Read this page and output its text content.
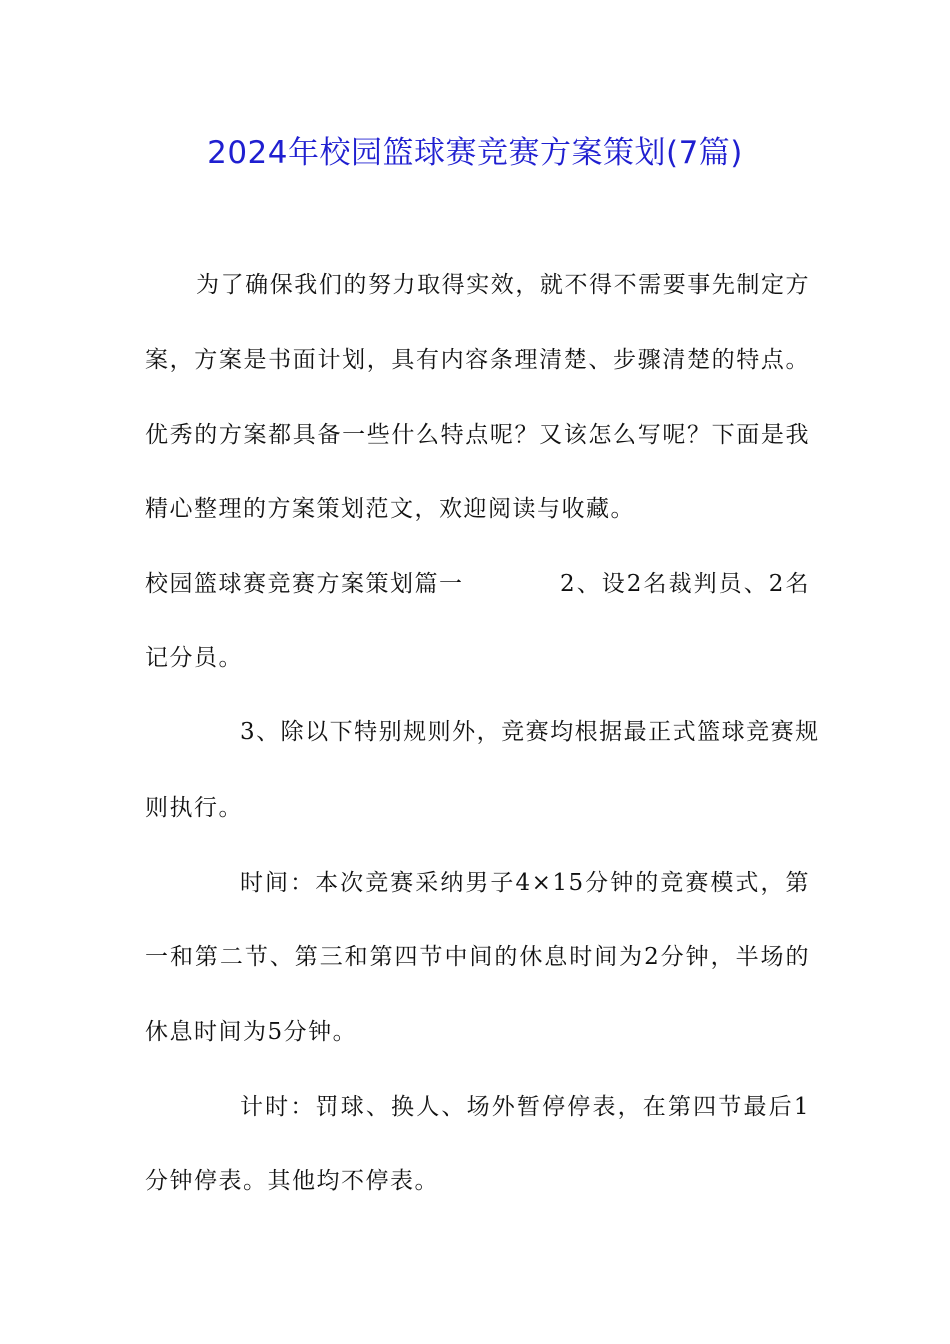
2024年校园篮球赛竞赛方案策划(7篇)
为了确保我们的努力取得实效，就不得不需要事先制定方
案，方案是书面计划，具有内容条理清楚、步骤清楚的特点。
优秀的方案都具备一些什么特点呢？又该怎么写呢？下面是我
精心整理的方案策划范文，欢迎阅读与收藏。
校园篮球赛竞赛方案策划篇一	2、设2名裁判员、2名
记分员。
3、除以下特别规则外，竞赛均根据最正式篮球竞赛规
则执行。
时间：本次竞赛采纳男子4×15分钟的竞赛模式，第
一和第二节、第三和第四节中间的休息时间为2分钟，半场的
休息时间为5分钟。
计时：罚球、换人、场外暂停停表，在第四节最后1
分钟停表。其他均不停表。
